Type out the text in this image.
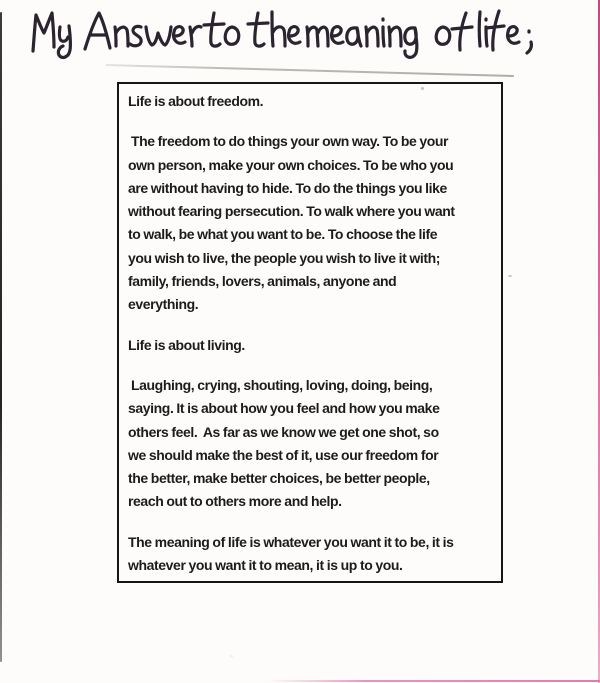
Life is about freedom.
The freedom to do things your own way. To be your
own person, make your own choices. To be who you
are without having to hide. To do the things you like
without fearing persecution. To walk where you want
to walk, be what you want to be. To choose the life
you wish to live, the people you wish to live it with;
family, friends, lovers, animals, anyone and
everything.
Life is about living.
Laughing, crying, shouting, loving, doing, being,
saying. It is about how you feel and how you make
others feel.  As far as we know we get one shot, so
we should make the best of it, use our freedom for
the better, make better choices, be better people,
reach out to others more and help.
The meaning of life is whatever you want it to be, it is
whatever you want it to mean, it is up to you.
